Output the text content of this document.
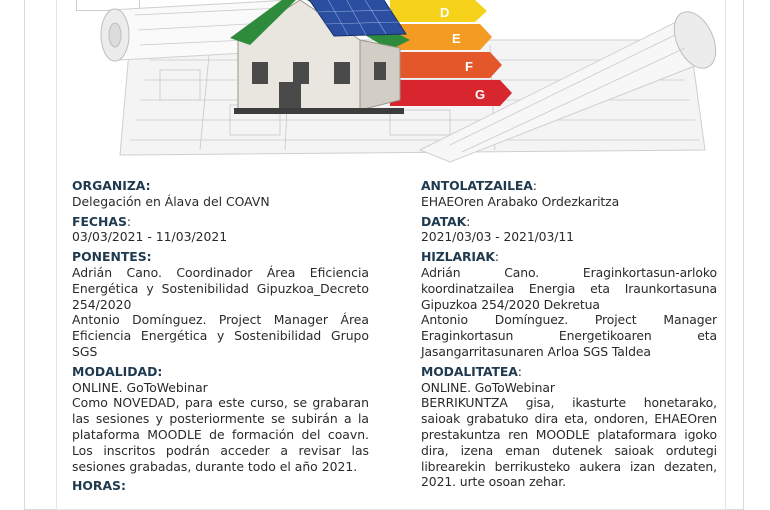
D
E
F
G
ORGANIZA:
Delegación en Álava del COAVN
FECHAS:
03/03/2021 - 11/03/2021
PONENTES:
Adrián Cano. Coordinador Área Eficiencia Energética y Sostenibilidad Gipuzkoa_Decreto 254/2020
Antonio Domínguez. Project Manager Área Eficiencia Energética y Sostenibilidad Grupo SGS
MODALIDAD:
ONLINE. GoToWebinar
Como NOVEDAD, para este curso, se grabaran las sesiones y posteriormente se subirán a la plataforma MOODLE de formación del coavn. Los inscritos podrán acceder a revisar las sesiones grabadas, durante todo el año 2021.
HORAS:
ANTOLATZAILEA:
EHAEOren Arabako Ordezkaritza
DATAK:
2021/03/03 - 2021/03/11
HIZLARIAK:
Adrián Cano. Eraginkortasun-arloko koordinatzailea Energia eta Iraunkortasuna Gipuzkoa 254/2020 Dekretua
Antonio Domínguez. Project Manager Eraginkortasun Energetikoaren eta Jasangarritasunaren Arloa SGS Taldea
MODALITATEA:
ONLINE. GoToWebinar
BERRIKUNTZA gisa, ikasturte honetarako, saioak grabatuko dira eta, ondoren, EHAEOren prestakuntza ren MOODLE plataformara igoko dira, izena eman dutenek saioak ordutegi librearekin berrikusteko aukera izan dezaten, 2021. urte osoan zehar.
